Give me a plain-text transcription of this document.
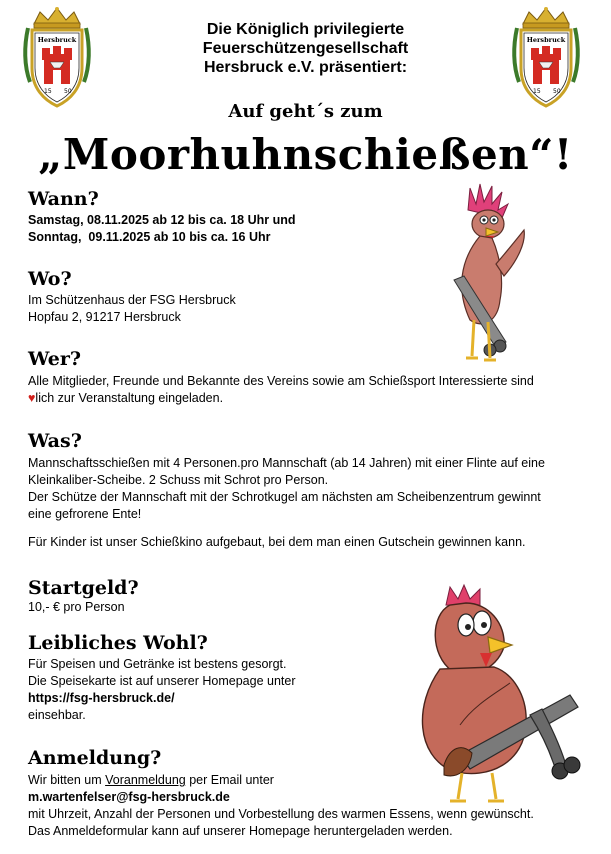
Hersbruck
15 50
Hersbruck
15 50
Die Königlich privilegierte
Feuerschützengesellschaft
Hersbruck e.V. präsentiert:
Auf geht´s zum
„Moorhuhnschießen“!
Wann?

Samstag, 08.11.2025 ab 12 bis ca. 18 Uhr und

Sonntag,  09.11.2025 ab 10 bis ca. 16 Uhr

Wo?

Im Schützenhaus der FSG Hersbruck

Hopfau 2, 91217 Hersbruck

Wer?

Alle Mitglieder, Freunde und Bekannte des Vereins sowie am Schießsport Interessierte sind

♥lich zur Veranstaltung eingeladen.

Was?

Mannschaftsschießen mit 4 Personen.pro Mannschaft (ab 14 Jahren) mit einer Flinte auf eine

Kleinkaliber-Scheibe. 2 Schuss mit Schrot pro Person.

Der Schütze der Mannschaft mit der Schrotkugel am nächsten am Scheibenzentrum gewinnt

eine gefrorene Ente!

Für Kinder ist unser Schießkino aufgebaut, bei dem man einen Gutschein gewinnen kann.

Startgeld?

10,- € pro Person

Leibliches Wohl?

Für Speisen und Getränke ist bestens gesorgt.

Die Speisekarte ist auf unserer Homepage unter

https://fsg-hersbruck.de/

einsehbar.

Anmeldung?

Wir bitten um Voranmeldung per Email unter

m.wartenfelser@fsg-hersbruck.de

mit Uhrzeit, Anzahl der Personen und Vorbestellung des warmen Essens, wenn gewünscht.

Das Anmeldeformular kann auf unserer Homepage heruntergeladen werden.
